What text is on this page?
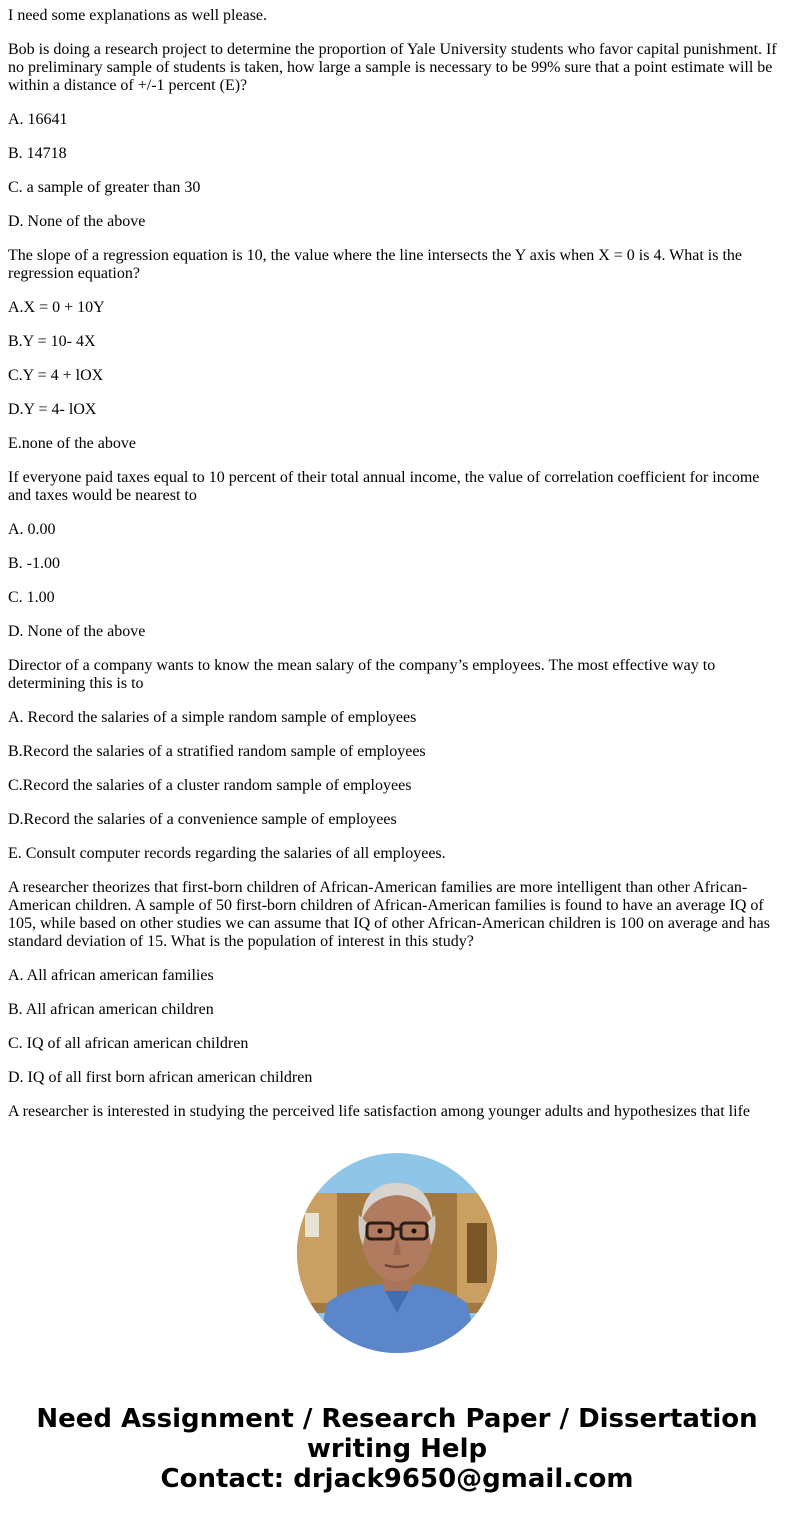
I need some explanations as well please.

Bob is doing a research project to determine the proportion of Yale University students who favor capital punishment. If no preliminary sample of students is taken, how large a sample is necessary to be 99% sure that a point estimate will be within a distance of +/-1 percent (E)?

A. 16641

B. 14718

C. a sample of greater than 30

D. None of the above

The slope of a regression equation is 10, the value where the line intersects the Y axis when X = 0 is 4. What is the regression equation?

A.X = 0 + 10Y

B.Y = 10- 4X

C.Y = 4 + lOX

D.Y = 4- lOX

E.none of the above

If everyone paid taxes equal to 10 percent of their total annual income, the value of correlation coefficient for income and taxes would be nearest to

A. 0.00

B. -1.00

C. 1.00

D. None of the above

Director of a company wants to know the mean salary of the company’s employees. The most effective way to determining this is to

A. Record the salaries of a simple random sample of employees

B.Record the salaries of a stratified random sample of employees

C.Record the salaries of a cluster random sample of employees

D.Record the salaries of a convenience sample of employees

E. Consult computer records regarding the salaries of all employees.

A researcher theorizes that first-born children of African-American families are more intelligent than other African-American children. A sample of 50 first-born children of African-American families is found to have an average IQ of 105, while based on other studies we can assume that IQ of other African-American children is 100 on average and has standard deviation of 15. What is the population of interest in this study?

A. All african american families

B. All african american children

C. IQ of all african american children

D. IQ of all first born african american children

A researcher is interested in studying the perceived life satisfaction among younger adults and hypothesizes that life

Need Assignment / Research Paper / Dissertation
writing Help
Contact: drjack9650@gmail.com
